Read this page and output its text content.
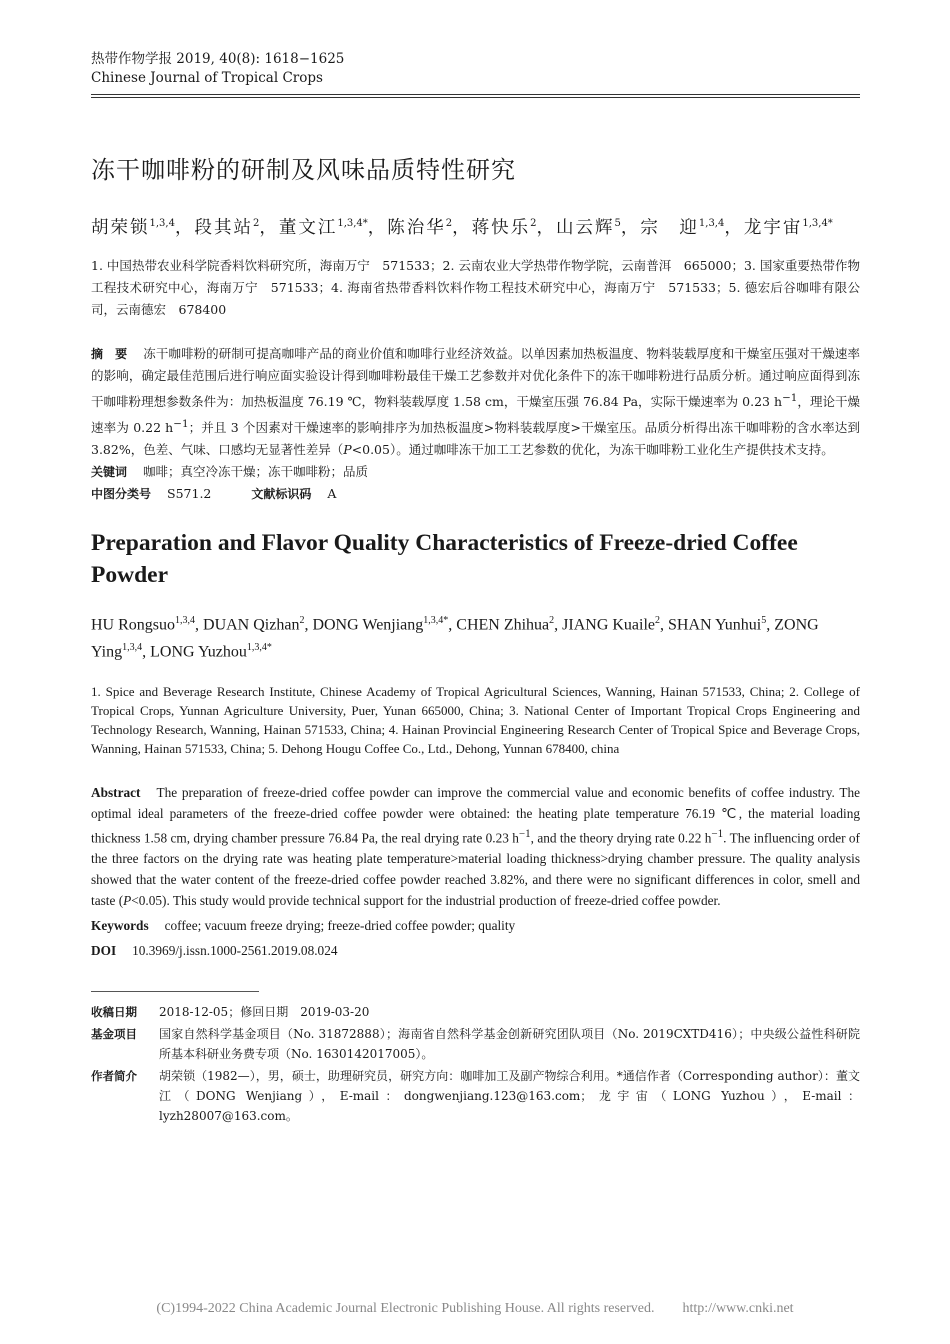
热带作物学报 2019, 40(8): 1618−1625
Chinese Journal of Tropical Crops
冻干咖啡粉的研制及风味品质特性研究
胡荣锁$^{1,3,4}$，段其站$^2$，董文江$^{1,3,4*}$，陈治华$^2$，蒋快乐$^2$，山云辉$^5$，宗　迎$^{1,3,4}$，龙宇宙$^{1,3,4*}$
1. 中国热带农业科学院香料饮料研究所，海南万宁　571533；2. 云南农业大学热带作物学院，云南普洱　665000；3. 国家重要热带作物工程技术研究中心，海南万宁　571533；4. 海南省热带香料饮料作物工程技术研究中心，海南万宁　571533；5. 德宏后谷咖啡有限公司，云南德宏　678400
摘　要 冻干咖啡粉的研制可提高咖啡产品的商业价值和咖啡行业经济效益。以单因素加热板温度、物料装载厚度和干燥室压强对干燥速率的影响，确定最佳范围后进行响应面实验设计得到咖啡粉最佳干燥工艺参数并对优化条件下的冻干咖啡粉进行品质分析。通过响应面得到冻干咖啡粉理想参数条件为：加热板温度 76.19 ℃，物料装载厚度 1.58 cm，干燥室压强 76.84 Pa，实际干燥速率为 0.23 $h^{-1}$，理论干燥速率为 0.22 $h^{-1}$；并且 3 个因素对干燥速率的影响排序为加热板温度>物料装载厚度>干燥室压。品质分析得出冻干咖啡粉的含水率达到 3.82%，色差、气味、口感均无显著性差异（P<0.05）。通过咖啡冻干加工工艺参数的优化，为冻干咖啡粉工业化生产提供技术支持。
关键词 咖啡；真空冷冻干燥；冻干咖啡粉；品质
中图分类号 S571.2	文献标识码 A
Preparation and Flavor Quality Characteristics of Freeze-dried Coffee Powder
HU Rongsuo$^{1,3,4}$, DUAN Qizhan$^2$, DONG Wenjiang$^{1,3,4*}$, CHEN Zhihua$^2$, JIANG Kuaile$^2$, SHAN Yunhui$^5$, ZONG Ying$^{1,3,4}$, LONG Yuzhou$^{1,3,4*}$
1. Spice and Beverage Research Institute, Chinese Academy of Tropical Agricultural Sciences, Wanning, Hainan 571533, China; 2. College of Tropical Crops, Yunnan Agriculture University, Puer, Yunan 665000, China; 3. National Center of Important Tropical Crops Engineering and Technology Research, Wanning, Hainan 571533, China; 4. Hainan Provincial Engineering Research Center of Tropical Spice and Beverage Crops, Wanning, Hainan 571533, China; 5. Dehong Hougu Coffee Co., Ltd., Dehong, Yunnan 678400, china
Abstract The preparation of freeze-dried coffee powder can improve the commercial value and economic benefits of coffee industry. The optimal ideal parameters of the freeze-dried coffee powder were obtained: the heating plate temperature 76.19 ℃, the material loading thickness 1.58 cm, drying chamber pressure 76.84 Pa, the real drying rate 0.23 $h^{-1}$, and the theory drying rate 0.22 $h^{-1}$. The influencing order of the three factors on the drying rate was heating plate temperature>material loading thickness>drying chamber pressure. The quality analysis showed that the water content of the freeze-dried coffee powder reached 3.82%, and there were no significant differences in color, smell and taste (P<0.05). This study would provide technical support for the industrial production of freeze-dried coffee powder.
Keywords coffee; vacuum freeze drying; freeze-dried coffee powder; quality
DOI 10.3969/j.issn.1000-2561.2019.08.024
收稿日期	2018-12-05；修回日期　2019-03-20
基金项目	国家自然科学基金项目（No. 31872888）；海南省自然科学基金创新研究团队项目（No. 2019CXTD416）；中央级公益性科研院所基本科研业务费专项（No. 1630142017005）。
作者简介	胡荣锁（1982—），男，硕士，助理研究员，研究方向：咖啡加工及副产物综合利用。*通信作者（Corresponding author）：董文江（DONG Wenjiang），E-mail：dongwenjiang.123@163.com；龙宇宙（LONG Yuzhou），E-mail：lyzh28007@163.com。
(C)1994-2022 China Academic Journal Electronic Publishing House. All rights reserved.　　http://www.cnki.net
